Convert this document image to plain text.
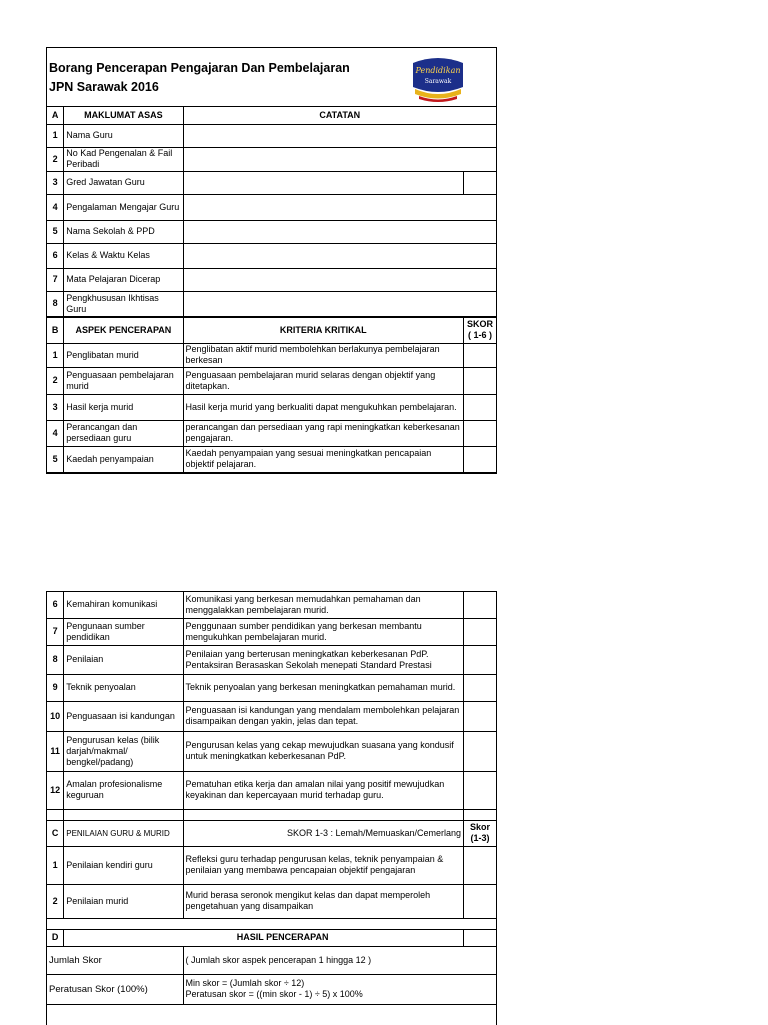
Borang Pencerapan Pengajaran Dan Pembelajaran
JPN Sarawak 2016
Pendidikan
Sarawak
A	MAKLUMAT ASAS	CATATAN	
1	Nama Guru		
2	No Kad Pengenalan & Fail Peribadi		
3	Gred Jawatan Guru		
4	Pengalaman Mengajar Guru		
5	Nama Sekolah & PPD		
6	Kelas & Waktu Kelas		
7	Mata Pelajaran Dicerap		
8	Pengkhususan Ikhtisas Guru		
B	ASPEK PENCERAPAN	KRITERIA KRITIKAL	SKOR
( 1-6 )
1	Penglibatan murid	Penglibatan aktif murid membolehkan berlakunya pembelajaran berkesan	
2	Penguasaan pembelajaran murid	Penguasaan pembelajaran murid selaras dengan objektif yang ditetapkan.	
3	Hasil kerja murid	Hasil kerja murid yang berkualiti dapat mengukuhkan pembelajaran.	
4	Perancangan dan persediaan guru	perancangan dan persediaan yang rapi meningkatkan keberkesanan pengajaran.	
5	Kaedah penyampaian	Kaedah penyampaian yang sesuai meningkatkan pencapaian objektif pelajaran.	
6	Kemahiran komunikasi	Komunikasi yang berkesan memudahkan pemahaman dan menggalakkan pembelajaran murid.	
7	Pengunaan sumber pendidikan	Penggunaan sumber pendidikan yang berkesan membantu mengukuhkan pembelajaran murid.	
8	Penilaian	Penilaian yang berterusan meningkatkan keberkesanan PdP. Pentaksiran Berasaskan Sekolah menepati Standard Prestasi	
9	Teknik penyoalan	Teknik penyoalan yang berkesan meningkatkan pemahaman murid.	
10	Penguasaan isi kandungan	Penguasaan isi kandungan yang mendalam membolehkan pelajaran disampaikan dengan yakin, jelas dan tepat.	
11	Pengurusan kelas (bilik darjah/makmal/ bengkel/padang)	Pengurusan kelas yang cekap mewujudkan suasana yang kondusif untuk meningkatkan keberkesanan PdP.	
12	Amalan profesionalisme keguruan	Pematuhan etika kerja dan amalan nilai yang positif mewujudkan keyakinan dan kepercayaan murid terhadap guru.	

C	PENILAIAN GURU & MURID	SKOR 1-3 : Lemah/Memuaskan/Cemerlang	Skor
(1-3)
1	Penilaian kendiri guru	Refleksi guru terhadap pengurusan kelas, teknik penyampaian & penilaian yang membawa pencapaian objektif pengajaran	
2	Penilaian murid	Murid berasa seronok mengikut kelas dan dapat memperoleh pengetahuan yang disampaikan	

D	HASIL PENCERAPAN		
Jumlah Skor		( Jumlah skor aspek pencerapan 1 hingga 12 )	
Peratusan Skor (100%)		Min skor = (Jumlah skor ÷ 12)
Peratusan skor = ((min skor - 1) ÷ 5) x 100%	
